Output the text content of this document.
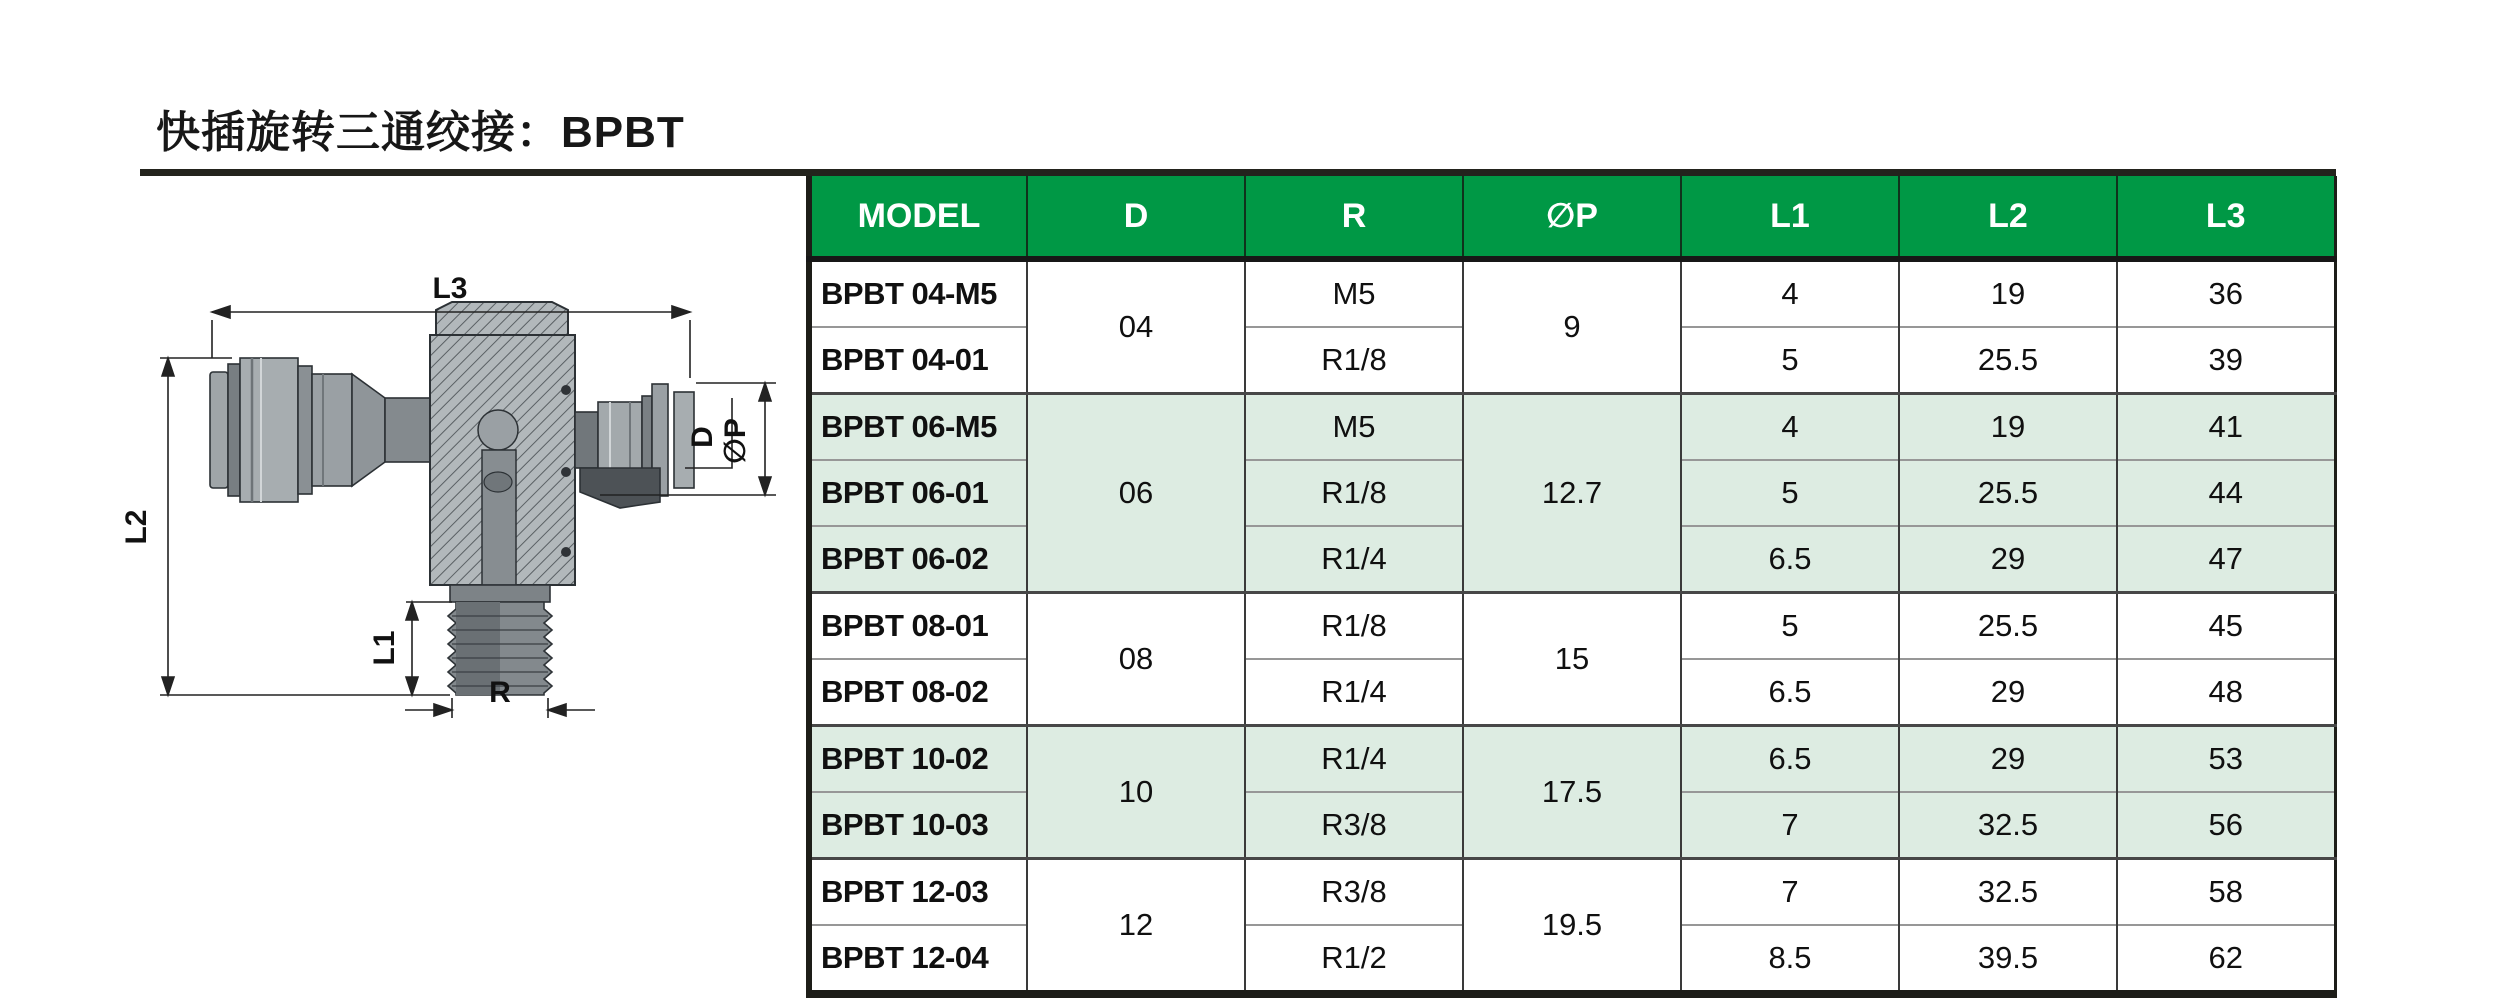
快插旋转三通绞接：BPBT
L3
L2
L1
R
D ∅P
MODEL	D	R	∅P	L1	L2	L3
BPBT 04-M5	04	M5	9	4	19	36
BPBT 04-01		R1/8		5	25.5	39
BPBT 06-M5	06	M5	12.7	4	19	41
BPBT 06-01		R1/8		5	25.5	44
BPBT 06-02		R1/4		6.5	29	47
BPBT 08-01	08	R1/8	15	5	25.5	45
BPBT 08-02		R1/4		6.5	29	48
BPBT 10-02	10	R1/4	17.5	6.5	29	53
BPBT 10-03		R3/8		7	32.5	56
BPBT 12-03	12	R3/8	19.5	7	32.5	58
BPBT 12-04		R1/2		8.5	39.5	62
